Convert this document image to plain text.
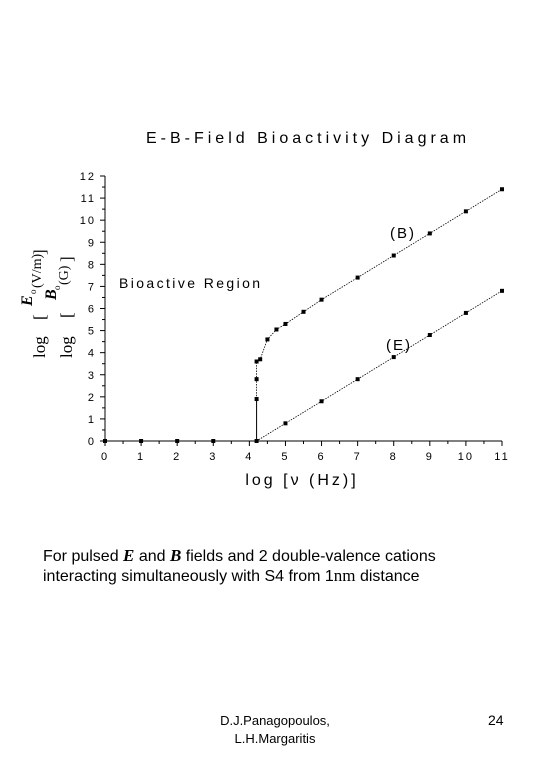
E-B-Field Bioactivity Diagram
0
1
2
3
4
5
6
7
8
9
10
11
12
0	1	2	3	4	5	6	7	8	9 10 11
log [ν (Hz)]
log
[
E
o
(V/m)
]
log
[
B
o
(G)
]
(B)
(E)
Bioactive Region
For pulsed E and B fields and 2 double-valence cations interacting simultaneously with S4 from 1nm distance
D.J.Panagopoulos,
L.H.Margaritis
24
